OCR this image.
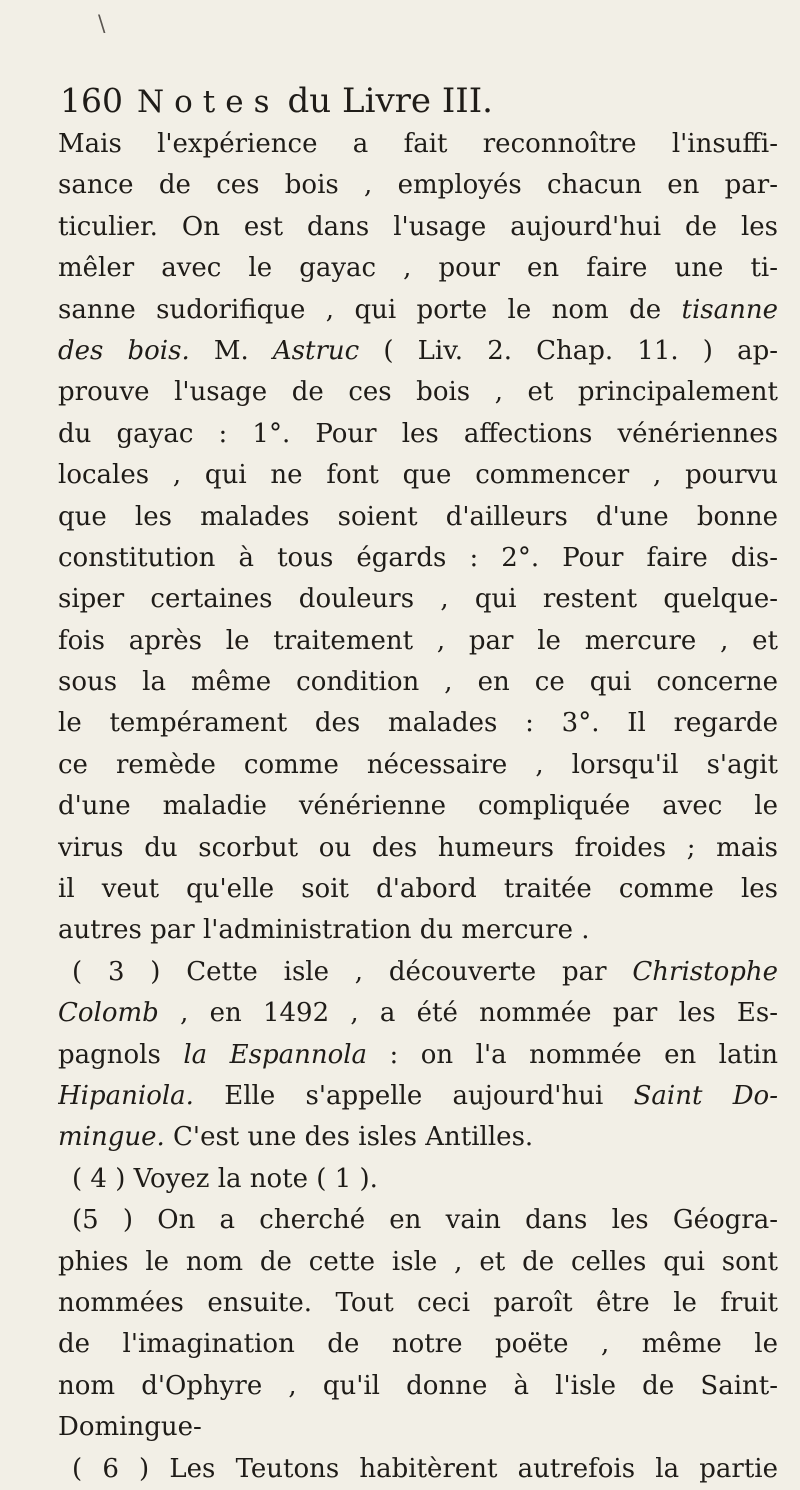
\
160 Notes du Livre III.
Mais l'expérience a fait reconnoître l'insuffi-
sance de ces bois , employés chacun en par-
ticulier. On est dans l'usage aujourd'hui de les
mêler avec le gayac , pour en faire une ti-
sanne sudorifique , qui porte le nom de tisanne
des bois. M. Astruc ( Liv. 2. Chap. 11. ) ap-
prouve l'usage de ces bois , et principalement
du gayac : 1°. Pour les affections vénériennes
locales , qui ne font que commencer , pourvu
que les malades soient d'ailleurs d'une bonne
constitution à tous égards : 2°. Pour faire dis-
siper certaines douleurs , qui restent quelque-
fois après le traitement , par le mercure , et
sous la même condition , en ce qui concerne
le tempérament des malades : 3°. Il regarde
ce remède comme nécessaire , lorsqu'il s'agit
d'une maladie vénérienne compliquée avec le
virus du scorbut ou des humeurs froides ; mais
il veut qu'elle soit d'abord traitée comme les
autres par l'administration du mercure .
( 3 ) Cette isle , découverte par Christophe
Colomb , en 1492 , a été nommée par les Es-
pagnols la Espannola : on l'a nommée en latin
Hipaniola. Elle s'appelle aujourd'hui Saint Do-
mingue. C'est une des isles Antilles.
( 4 ) Voyez la note ( 1 ).
(5 ) On a cherché en vain dans les Géogra-
phies le nom de cette isle , et de celles qui sont
nommées ensuite. Tout ceci paroît être le fruit
de l'imagination de notre poëte , même le
nom d'Ophyre , qu'il donne à l'isle de Saint-
Domingue-
( 6 ) Les Teutons habitèrent autrefois la partie
